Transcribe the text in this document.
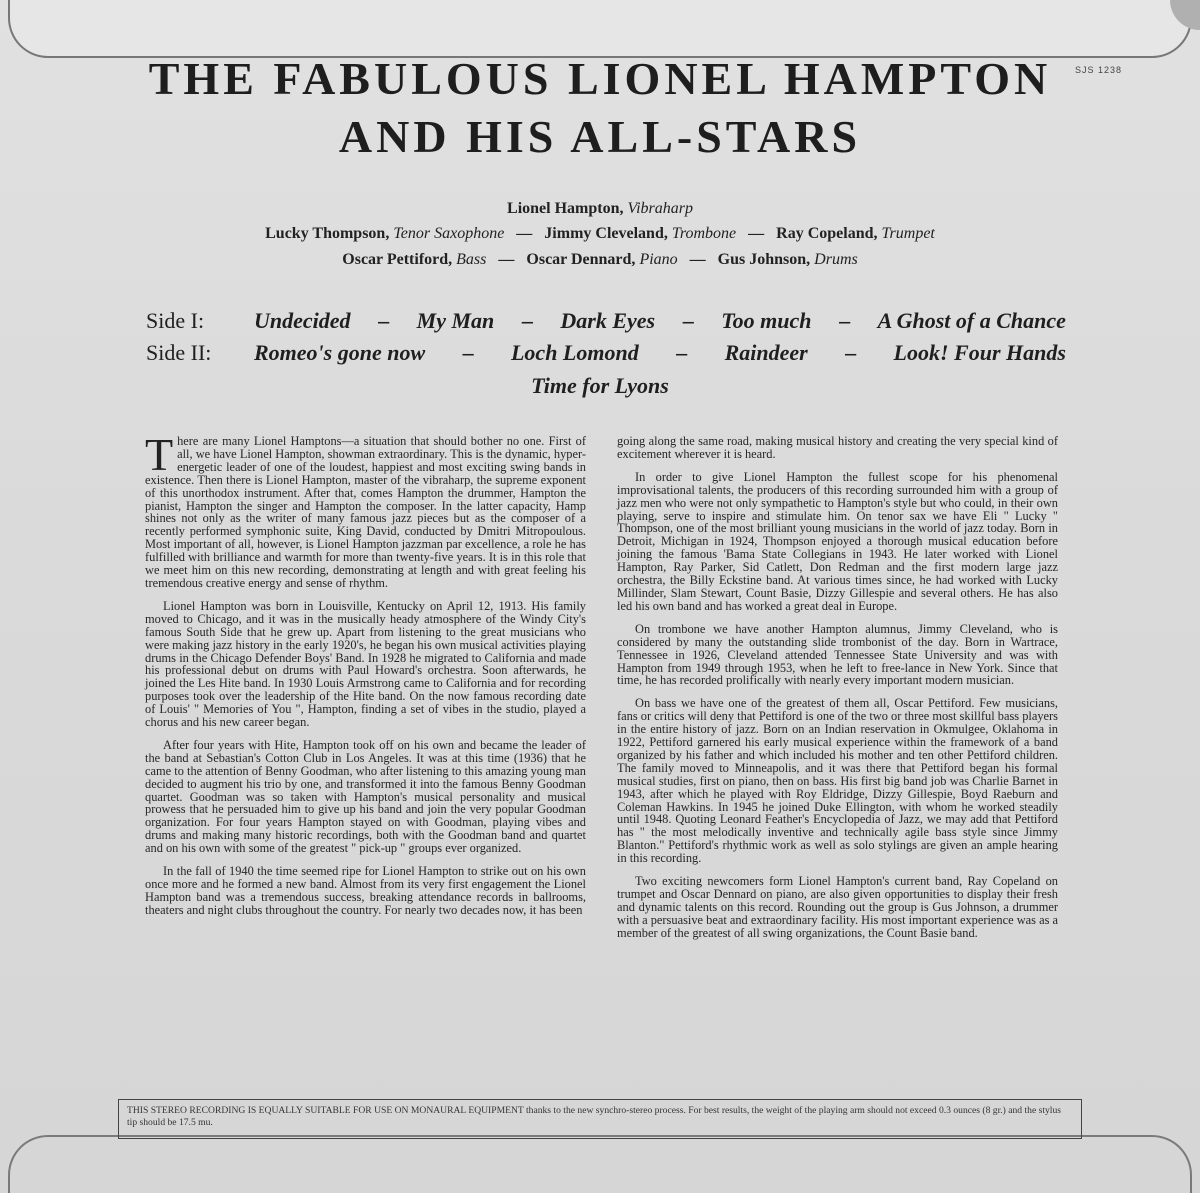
SJS 1238
THE FABULOUS LIONEL HAMPTON
AND HIS ALL-STARS
Lionel Hampton, Vibraharp
Lucky Thompson, Tenor Saxophone — Jimmy Cleveland, Trombone — Ray Copeland, Trumpet
Oscar Pettiford, Bass — Oscar Dennard, Piano — Gus Johnson, Drums
Side I: Undecided – My Man – Dark Eyes – Too much – A Ghost of a Chance
Side II: Romeo's gone now – Loch Lomond – Raindeer – Look! Four Hands
Time for Lyons

There are many Lionel Hamptons—a situation that should bother no one. First of all, we have Lionel Hampton, showman extraordinary. This is the dynamic, hyper-energetic leader of one of the loudest, happiest and most exciting swing bands in existence. Then there is Lionel Hampton, master of the vibraharp, the supreme exponent of this unorthodox instrument. After that, comes Hampton the drummer, Hampton the pianist, Hampton the singer and Hampton the composer. In the latter capacity, Hamp shines not only as the writer of many famous jazz pieces but as the composer of a recently performed symphonic suite, King David, conducted by Dmitri Mitropoulous. Most important of all, however, is Lionel Hampton jazzman par excellence, a role he has fulfilled with brilliance and warmth for more than twenty-five years. It is in this role that we meet him on this new recording, demonstrating at length and with great feeling his tremendous creative energy and sense of rhythm.

Lionel Hampton was born in Louisville, Kentucky on April 12, 1913. His family moved to Chicago, and it was in the musically heady atmosphere of the Windy City's famous South Side that he grew up. Apart from listening to the great musicians who were making jazz history in the early 1920's, he began his own musical activities playing drums in the Chicago Defender Boys' Band. In 1928 he migrated to California and made his professional debut on drums with Paul Howard's orchestra. Soon afterwards, he joined the Les Hite band. In 1930 Louis Armstrong came to California and for recording purposes took over the leadership of the Hite band. On the now famous recording date of Louis' " Memories of You ", Hampton, finding a set of vibes in the studio, played a chorus and his new career began.

After four years with Hite, Hampton took off on his own and became the leader of the band at Sebastian's Cotton Club in Los Angeles. It was at this time (1936) that he came to the attention of Benny Goodman, who after listening to this amazing young man decided to augment his trio by one, and transformed it into the famous Benny Goodman quartet. Goodman was so taken with Hampton's musical personality and musical prowess that he persuaded him to give up his band and join the very popular Goodman organization. For four years Hampton stayed on with Goodman, playing vibes and drums and making many historic recordings, both with the Goodman band and quartet and on his own with some of the greatest " pick-up " groups ever organized.

In the fall of 1940 the time seemed ripe for Lionel Hampton to strike out on his own once more and he formed a new band. Almost from its very first engagement the Lionel Hampton band was a tremendous success, breaking attendance records in ballrooms, theaters and night clubs throughout the country. For nearly two decades now, it has been

going along the same road, making musical history and creating the very special kind of excitement wherever it is heard.

In order to give Lionel Hampton the fullest scope for his phenomenal improvisational talents, the producers of this recording surrounded him with a group of jazz men who were not only sympathetic to Hampton's style but who could, in their own playing, serve to inspire and stimulate him. On tenor sax we have Eli " Lucky " Thompson, one of the most brilliant young musicians in the world of jazz today. Born in Detroit, Michigan in 1924, Thompson enjoyed a thorough musical education before joining the famous 'Bama State Collegians in 1943. He later worked with Lionel Hampton, Ray Parker, Sid Catlett, Don Redman and the first modern large jazz orchestra, the Billy Eckstine band. At various times since, he had worked with Lucky Millinder, Slam Stewart, Count Basie, Dizzy Gillespie and several others. He has also led his own band and has worked a great deal in Europe.

On trombone we have another Hampton alumnus, Jimmy Cleveland, who is considered by many the outstanding slide trombonist of the day. Born in Wartrace, Tennessee in 1926, Cleveland attended Tennessee State University and was with Hampton from 1949 through 1953, when he left to free-lance in New York. Since that time, he has recorded prolifically with nearly every important modern musician.

On bass we have one of the greatest of them all, Oscar Pettiford. Few musicians, fans or critics will deny that Pettiford is one of the two or three most skillful bass players in the entire history of jazz. Born on an Indian reservation in Okmulgee, Oklahoma in 1922, Pettiford garnered his early musical experience within the framework of a band organized by his father and which included his mother and ten other Pettiford children. The family moved to Minneapolis, and it was there that Pettiford began his formal musical studies, first on piano, then on bass. His first big band job was Charlie Barnet in 1943, after which he played with Roy Eldridge, Dizzy Gillespie, Boyd Raeburn and Coleman Hawkins. In 1945 he joined Duke Ellington, with whom he worked steadily until 1948. Quoting Leonard Feather's Encyclopedia of Jazz, we may add that Pettiford has " the most melodically inventive and technically agile bass style since Jimmy Blanton." Pettiford's rhythmic work as well as solo stylings are given an ample hearing in this recording.

Two exciting newcomers form Lionel Hampton's current band, Ray Copeland on trumpet and Oscar Dennard on piano, are also given opportunities to display their fresh and dynamic talents on this record. Rounding out the group is Gus Johnson, a drummer with a persuasive beat and extraordinary facility. His most important experience was as a member of the greatest of all swing organizations, the Count Basie band.

THIS STEREO RECORDING IS EQUALLY SUITABLE FOR USE ON MONAURAL EQUIPMENT thanks to the new synchro-stereo process. For best results, the weight of the playing arm should not exceed 0.3 ounces (8 gr.) and the stylus tip should be 17.5 mu.
